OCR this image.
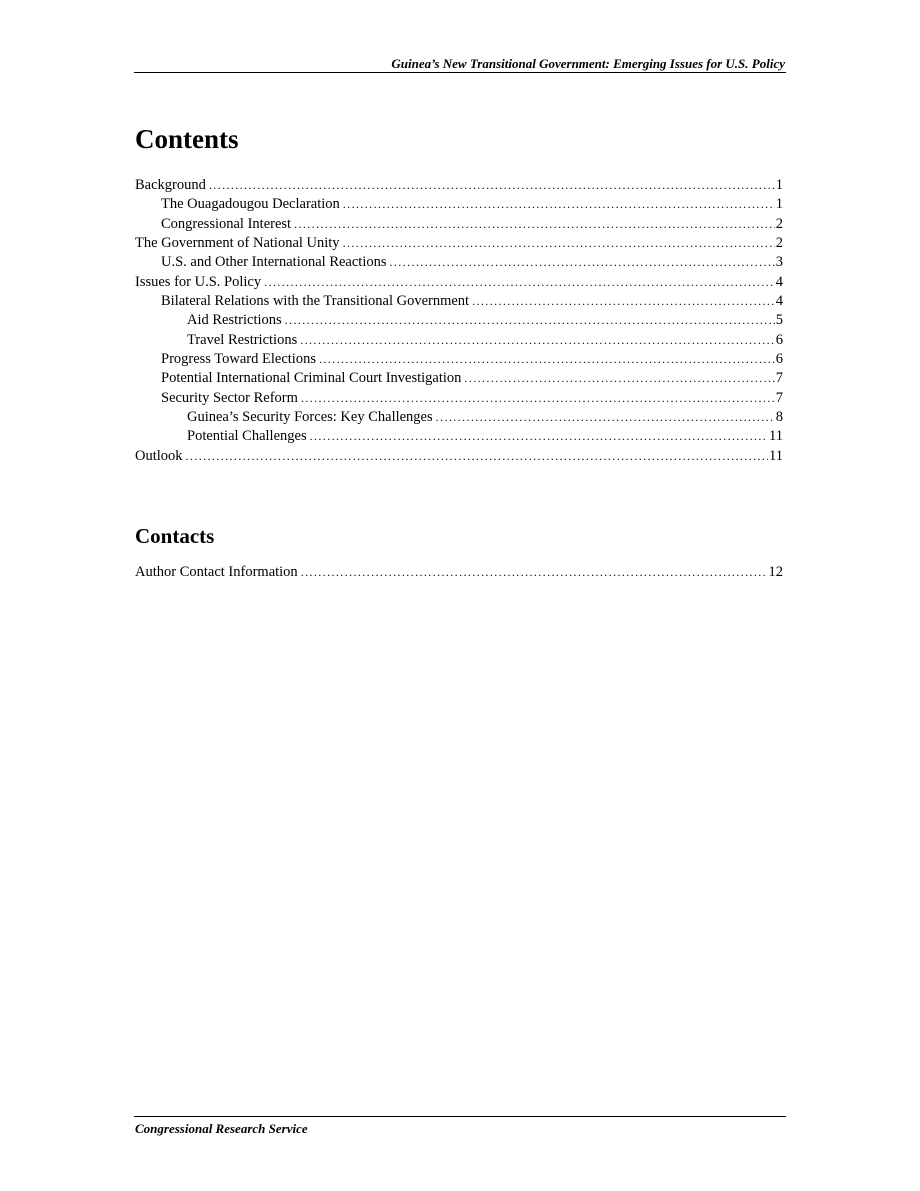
Guinea’s New Transitional Government: Emerging Issues for U.S. Policy
Contents
Background .....	1
The Ouagadougou Declaration .....	1
Congressional Interest .....	2
The Government of National Unity .....	2
U.S. and Other International Reactions .....	3
Issues for U.S. Policy .....	4
Bilateral Relations with the Transitional Government .....	4
Aid Restrictions .....	5
Travel Restrictions .....	6
Progress Toward Elections .....	6
Potential International Criminal Court Investigation .....	7
Security Sector Reform .....	7
Guinea’s Security Forces: Key Challenges .....	8
Potential Challenges .....	11
Outlook .....	11
Contacts
Author Contact Information .....	12
Congressional Research Service
